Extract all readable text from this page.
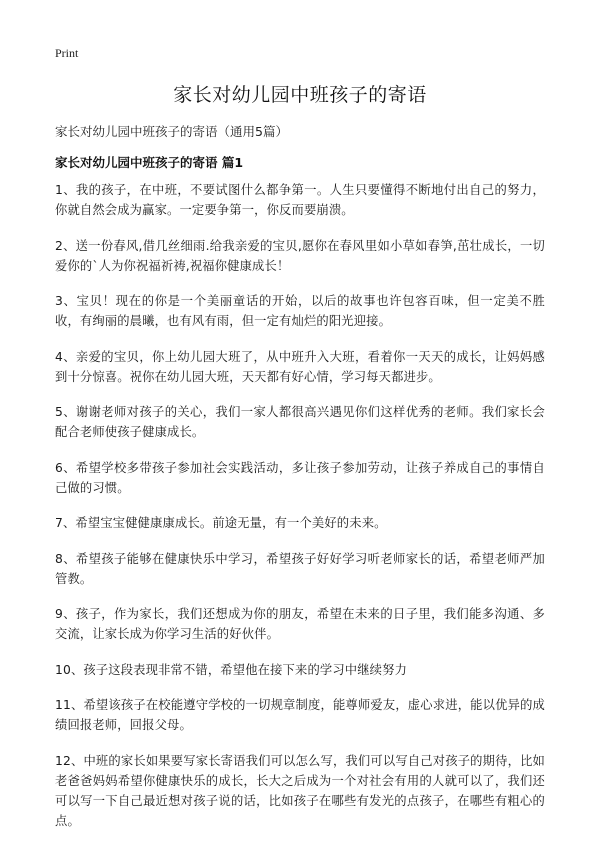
Print
家长对幼儿园中班孩子的寄语
家长对幼儿园中班孩子的寄语（通用5篇）
家长对幼儿园中班孩子的寄语 篇1

1、我的孩子，在中班，不要试图什么都争第一。人生只要懂得不断地付出自己的努力，你就自然会成为赢家。一定要争第一，你反而要崩溃。

2、送一份春风,借几丝细雨.给我亲爱的宝贝,愿你在春风里如小草如春笋,茁壮成长，一切爱你的`人为你祝福祈祷,祝福你健康成长！

3、宝贝！现在的你是一个美丽童话的开始，以后的故事也许包容百味，但一定美不胜收，有绚丽的晨曦，也有风有雨，但一定有灿烂的阳光迎接。

4、亲爱的宝贝，你上幼儿园大班了，从中班升入大班，看着你一天天的成长，让妈妈感到十分惊喜。祝你在幼儿园大班，天天都有好心情，学习每天都进步。

5、谢谢老师对孩子的关心，我们一家人都很高兴遇见你们这样优秀的老师。我们家长会配合老师使孩子健康成长。

6、希望学校多带孩子参加社会实践活动，多让孩子参加劳动，让孩子养成自己的事情自己做的习惯。

7、希望宝宝健健康康成长。前途无量，有一个美好的未来。

8、希望孩子能够在健康快乐中学习，希望孩子好好学习听老师家长的话，希望老师严加管教。

9、孩子，作为家长，我们还想成为你的朋友，希望在未来的日子里，我们能多沟通、多交流，让家长成为你学习生活的好伙伴。

10、孩子这段表现非常不错，希望他在接下来的学习中继续努力

11、希望该孩子在校能遵守学校的一切规章制度，能尊师爱友，虚心求进，能以优异的成绩回报老师，回报父母。

12、中班的家长如果要写家长寄语我们可以怎么写，我们可以写自己对孩子的期待，比如老爸爸妈妈希望你健康快乐的成长，长大之后成为一个对社会有用的人就可以了，我们还可以写一下自己最近想对孩子说的话，比如孩子在哪些有发光的点孩子，在哪些有粗心的点。
